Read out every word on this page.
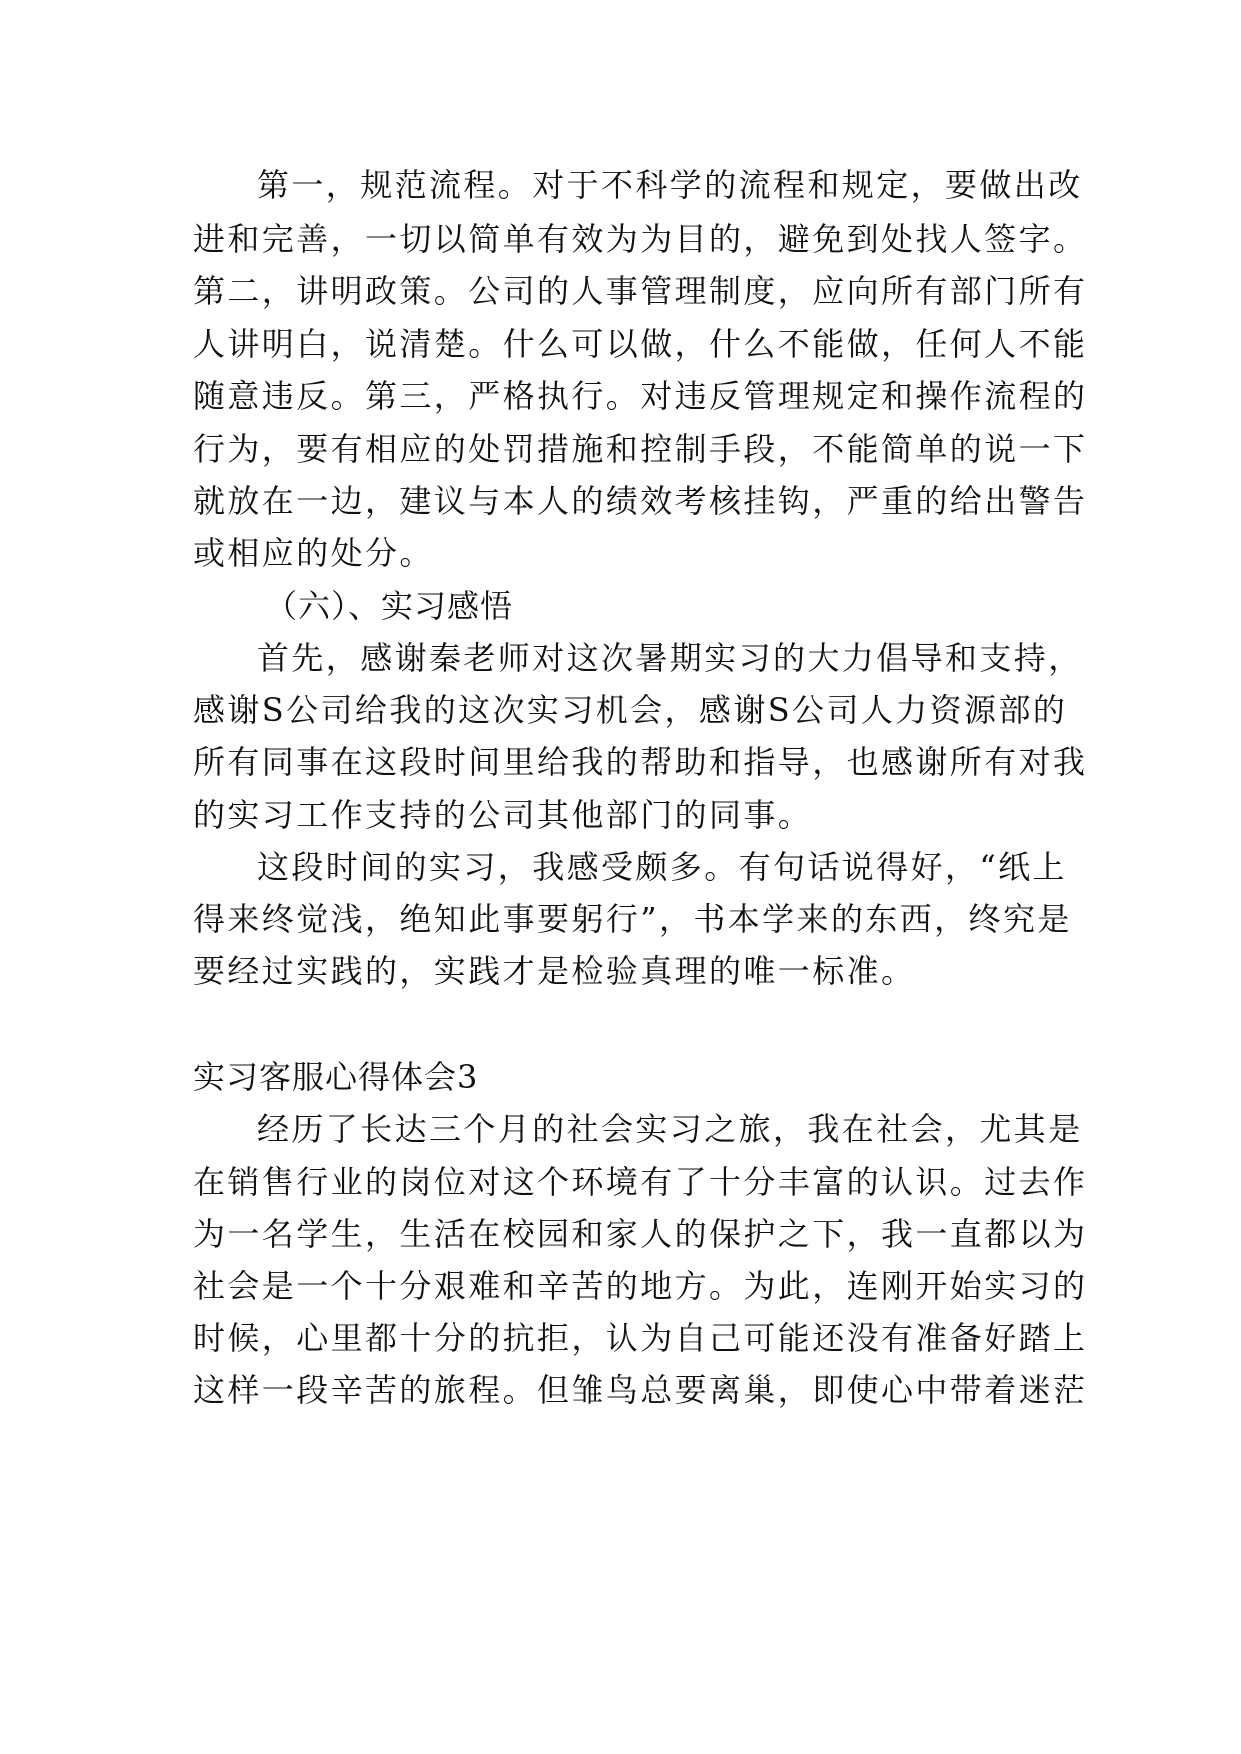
第一，规范流程。对于不科学的流程和规定，要做出改

进和完善，一切以简单有效为为目的，避免到处找人签字。

第二，讲明政策。公司的人事管理制度，应向所有部门所有

人讲明白，说清楚。什么可以做，什么不能做，任何人不能

随意违反。第三，严格执行。对违反管理规定和操作流程的

行为，要有相应的处罚措施和控制手段，不能简单的说一下

就放在一边，建议与本人的绩效考核挂钩，严重的给出警告

或相应的处分。

（六）、实习感悟

首先，感谢秦老师对这次暑期实习的大力倡导和支持，

感谢S公司给我的这次实习机会，感谢S公司人力资源部的

所有同事在这段时间里给我的帮助和指导，也感谢所有对我

的实习工作支持的公司其他部门的同事。

这段时间的实习，我感受颇多。有句话说得好，“纸上

得来终觉浅，绝知此事要躬行”，书本学来的东西，终究是

要经过实践的，实践才是检验真理的唯一标准。

实习客服心得体会3

经历了长达三个月的社会实习之旅，我在社会，尤其是

在销售行业的岗位对这个环境有了十分丰富的认识。过去作

为一名学生，生活在校园和家人的保护之下，我一直都以为

社会是一个十分艰难和辛苦的地方。为此，连刚开始实习的

时候，心里都十分的抗拒，认为自己可能还没有准备好踏上

这样一段辛苦的旅程。但雏鸟总要离巢，即使心中带着迷茫
